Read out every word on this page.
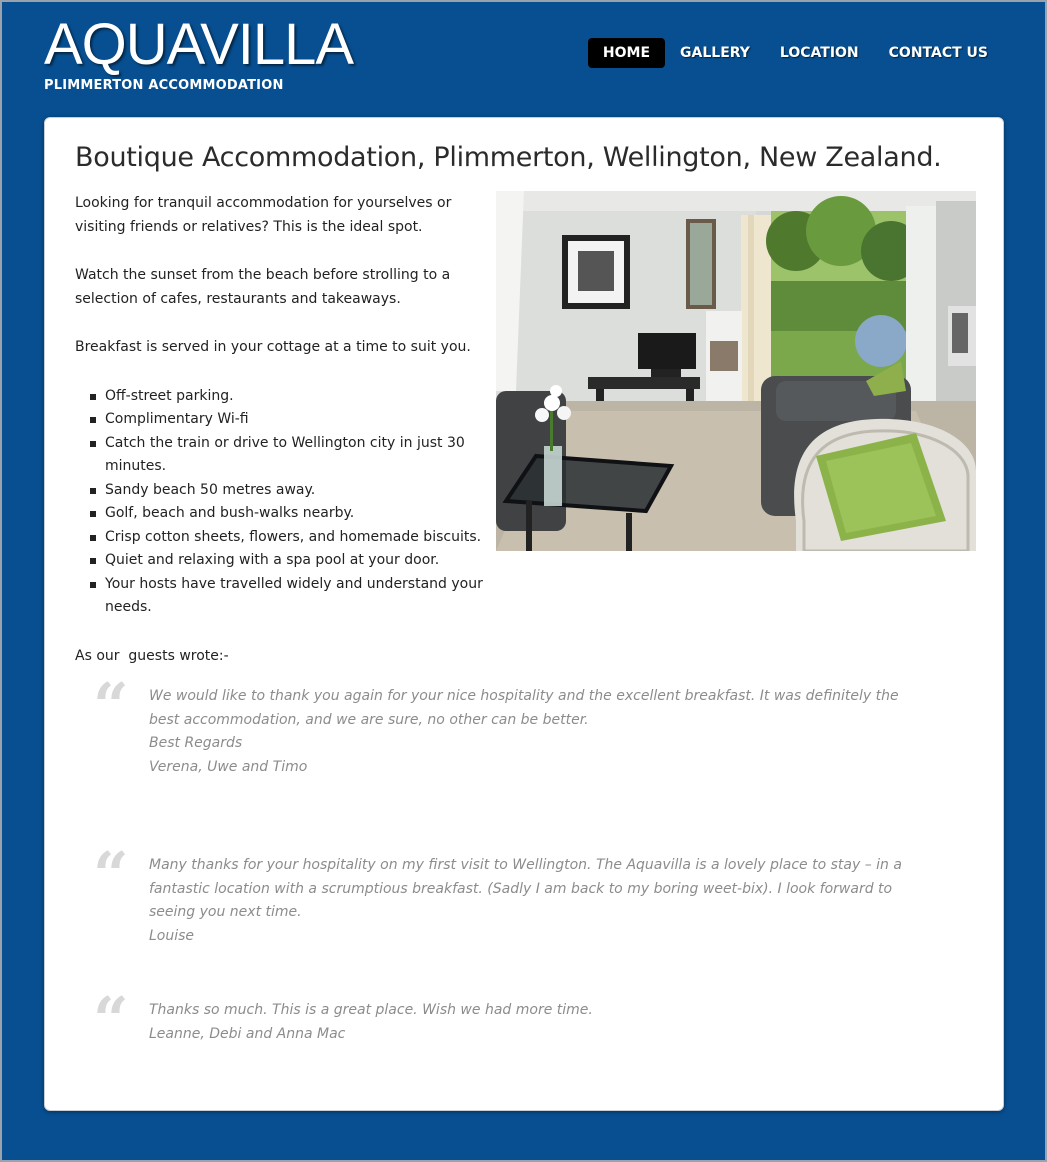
AQUAVILLA
PLIMMERTON ACCOMMODATION
HOME	GALLERY	LOCATION	CONTACT US
Boutique Accommodation, Plimmerton, Wellington, New Zealand.

Looking for tranquil accommodation for yourselves or visiting friends or relatives? This is the ideal spot.

Watch the sunset from the beach before strolling to a selection of cafes, restaurants and takeaways.

Breakfast is served in your cottage at a time to suit you.

Off-street parking.
Complimentary Wi-fi
Catch the train or drive to Wellington city in just 30 minutes.
Sandy beach 50 metres away.
Golf, beach and bush-walks nearby.
Crisp cotton sheets, flowers, and homemade biscuits.
Quiet and relaxing with a spa pool at your door.
Your hosts have travelled widely and understand your needs.

As our  guests wrote:-

“ We would like to thank you again for your nice hospitality and the excellent breakfast. It was definitely the best accommodation, and we are sure, no other can be better.
Best Regards
Verena, Uwe and Timo
“ Many thanks for your hospitality on my first visit to Wellington. The Aquavilla is a lovely place to stay – in a fantastic location with a scrumptious breakfast. (Sadly I am back to my boring weet-bix). I look forward to seeing you next time.
Louise
“ Thanks so much. This is a great place. Wish we had more time.
Leanne, Debi and Anna Mac
